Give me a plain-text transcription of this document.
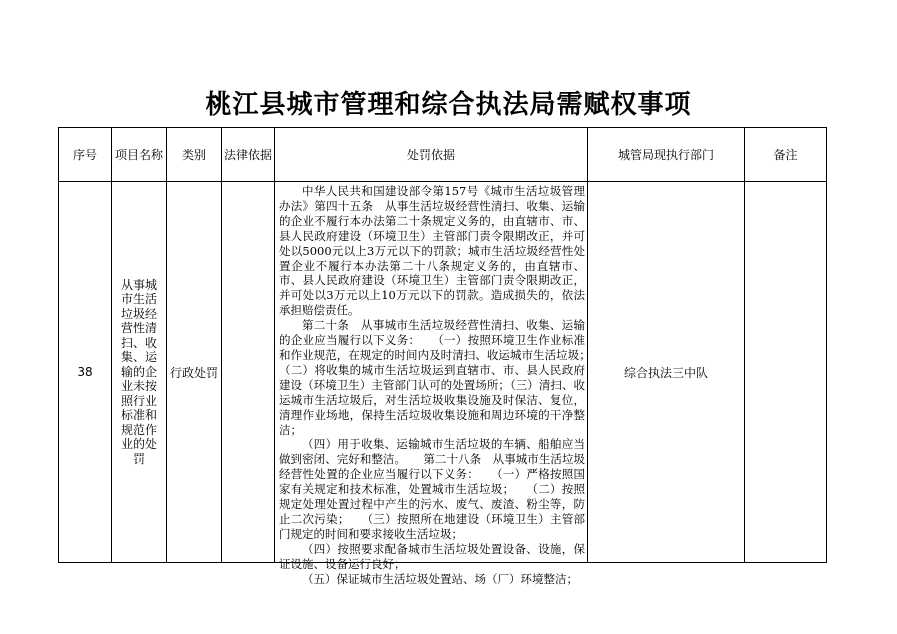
桃江县城市管理和综合执法局需赋权事项
序号	项目名称	类别	法律依据	处罚依据	城管局现执行部门	备注
38	从事城市生活垃圾经营性清扫、收集、运输的企业未按照行业标准和规范作业的处罚	行政处罚		中华人民共和国建设部令第157号《城市生活垃圾管理办法》第四十五条　从事生活垃圾经营性清扫、收集、运输的企业不履行本办法第二十条规定义务的，由直辖市、市、县人民政府建设（环境卫生）主管部门责令限期改正，并可处以5000元以上3万元以下的罚款；城市生活垃圾经营性处置企业不履行本办法第二十八条规定义务的，由直辖市、市、县人民政府建设（环境卫生）主管部门责令限期改正，并可处以3万元以上10万元以下的罚款。造成损失的，依法承担赔偿责任。

第二十条　从事城市生活垃圾经营性清扫、收集、运输的企业应当履行以下义务：　　（一）按照环境卫生作业标准和作业规范，在规定的时间内及时清扫、收运城市生活垃圾；　　（二）将收集的城市生活垃圾运到直辖市、市、县人民政府建设（环境卫生）主管部门认可的处置场所；（三）清扫、收运城市生活垃圾后，对生活垃圾收集设施及时保洁、复位，清理作业场地，保持生活垃圾收集设施和周边环境的干净整洁；

（四）用于收集、运输城市生活垃圾的车辆、船舶应当做到密闭、完好和整洁。　　第二十八条　从事城市生活垃圾经营性处置的企业应当履行以下义务：　　（一）严格按照国家有关规定和技术标准，处置城市生活垃圾；　　（二）按照规定处理处置过程中产生的污水、废气、废渣、粉尘等，防止二次污染；　　（三）按照所在地建设（环境卫生）主管部门规定的时间和要求接收生活垃圾；

（四）按照要求配备城市生活垃圾处置设备、设施，保证设施、设备运行良好；

（五）保证城市生活垃圾处置站、场（厂）环境整洁；	综合执法三中队	
